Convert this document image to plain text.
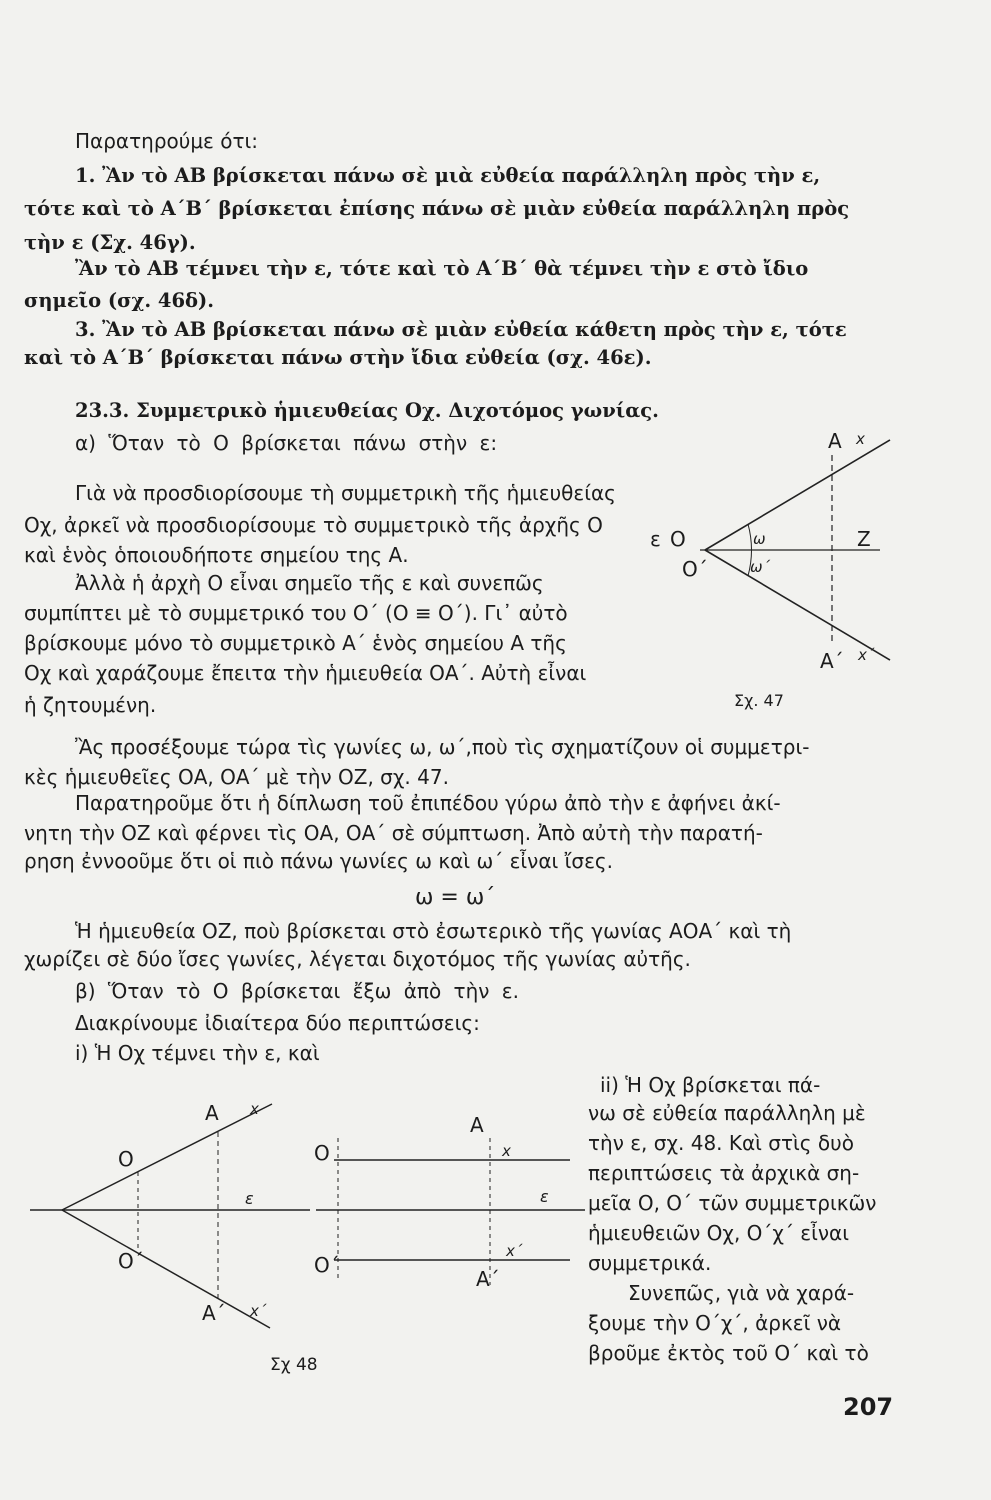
Παρατηρούμε ότι:
1. Ἂν τὸ ΑΒ βρίσκεται πάνω σὲ μιὰ εὐθεία παράλληλη πρὸς τὴν ε,
τότε καὶ τὸ Α΄Β΄ βρίσκεται ἐπίσης πάνω σὲ μιὰν εὐθεία παράλληλη πρὸς
τὴν ε (Σχ. 46γ).
Ἂν τὸ ΑΒ τέμνει τὴν ε, τότε καὶ τὸ Α΄Β΄ θὰ τέμνει τὴν ε στὸ ἴδιο
σημεῖο (σχ. 46δ).
3. Ἂν τὸ ΑΒ βρίσκεται πάνω σὲ μιὰν εὐθεία κάθετη πρὸς τὴν ε, τότε
καὶ τὸ Α΄Β΄ βρίσκεται πάνω στὴν ἴδια εὐθεία (σχ. 46ε).
23.3. Συμμετρικὸ ἡμιευθείας Οχ. Διχοτόμος γωνίας.
α) Ὅταν τὸ Ο βρίσκεται πάνω στὴν ε:
Γιὰ νὰ προσδιορίσουμε τὴ συμμετρικὴ τῆς ἡμιευθείας
Οχ, ἀρκεῖ νὰ προσδιορίσουμε τὸ συμμετρικὸ τῆς ἀρχῆς Ο
καὶ ἑνὸς ὁποιουδήποτε σημείου της Α.
Ἀλλὰ ἡ ἀρχὴ Ο εἶναι σημεῖο τῆς ε καὶ συνεπῶς
συμπίπτει μὲ τὸ συμμετρικό του Ο΄ (Ο ≡ Ο΄). Γι᾽ αὐτὸ
βρίσκουμε μόνο τὸ συμμετρικὸ Α΄ ἑνὸς σημείου Α τῆς
Οχ καὶ χαράζουμε ἔπειτα τὴν ἡμιευθεία ΟΑ΄. Αὐτὴ εἶναι
ἡ ζητουμένη.
Ἂς προσέξουμε τώρα τὶς γωνίες ω, ω΄,ποὺ τὶς σχηματίζουν οἱ συμμετρι-
κὲς ἡμιευθεῖες ΟΑ, ΟΑ΄ μὲ τὴν ΟΖ, σχ. 47.
Παρατηροῦμε ὅτι ἡ δίπλωση τοῦ ἐπιπέδου γύρω ἀπὸ τὴν ε ἀφήνει ἀκί-
νητη τὴν ΟΖ καὶ φέρνει τὶς ΟΑ, ΟΑ΄ σὲ σύμπτωση. Ἀπὸ αὐτὴ τὴν παρατή-
ρηση ἐννοοῦμε ὅτι οἱ πιὸ πάνω γωνίες ω καὶ ω΄ εἶναι ἴσες.
ω = ω΄
Ἡ ἡμιευθεία ΟΖ, ποὺ βρίσκεται στὸ ἐσωτερικὸ τῆς γωνίας ΑΟΑ΄ καὶ τὴ
χωρίζει σὲ δύο ἴσες γωνίες, λέγεται διχοτόμος τῆς γωνίας αὐτῆς.
β) Ὅταν τὸ Ο βρίσκεται ἔξω ἀπὸ τὴν ε.
Διακρίνουμε ἰδιαίτερα δύο περιπτώσεις:
i) Ἡ Οχ τέμνει τὴν ε, καὶ
ii) Ἡ Οχ βρίσκεται πά-
νω σὲ εὐθεία παράλληλη μὲ
τὴν ε, σχ. 48. Καὶ στὶς δυὸ
περιπτώσεις τὰ ἀρχικὰ ση-
μεῖα Ο, Ο΄ τῶν συμμετρικῶν
ἡμιευθειῶν Οχ, Ο΄χ΄ εἶναι
συμμετρικά.
Συνεπῶς, γιὰ νὰ χαρά-
ξουμε τὴν Ο΄χ΄, ἀρκεῖ νὰ
βροῦμε ἐκτὸς τοῦ Ο΄ καὶ τὸ
Α x
ε Ο	Z
Ο΄
ω
ω΄
Α΄ x΄
Σχ. 47
Α x
Ο
ε
Ο΄
Α΄ x΄
Ο
Α
x
ε
Ο΄
Α΄
x΄
Σχ 48
207
